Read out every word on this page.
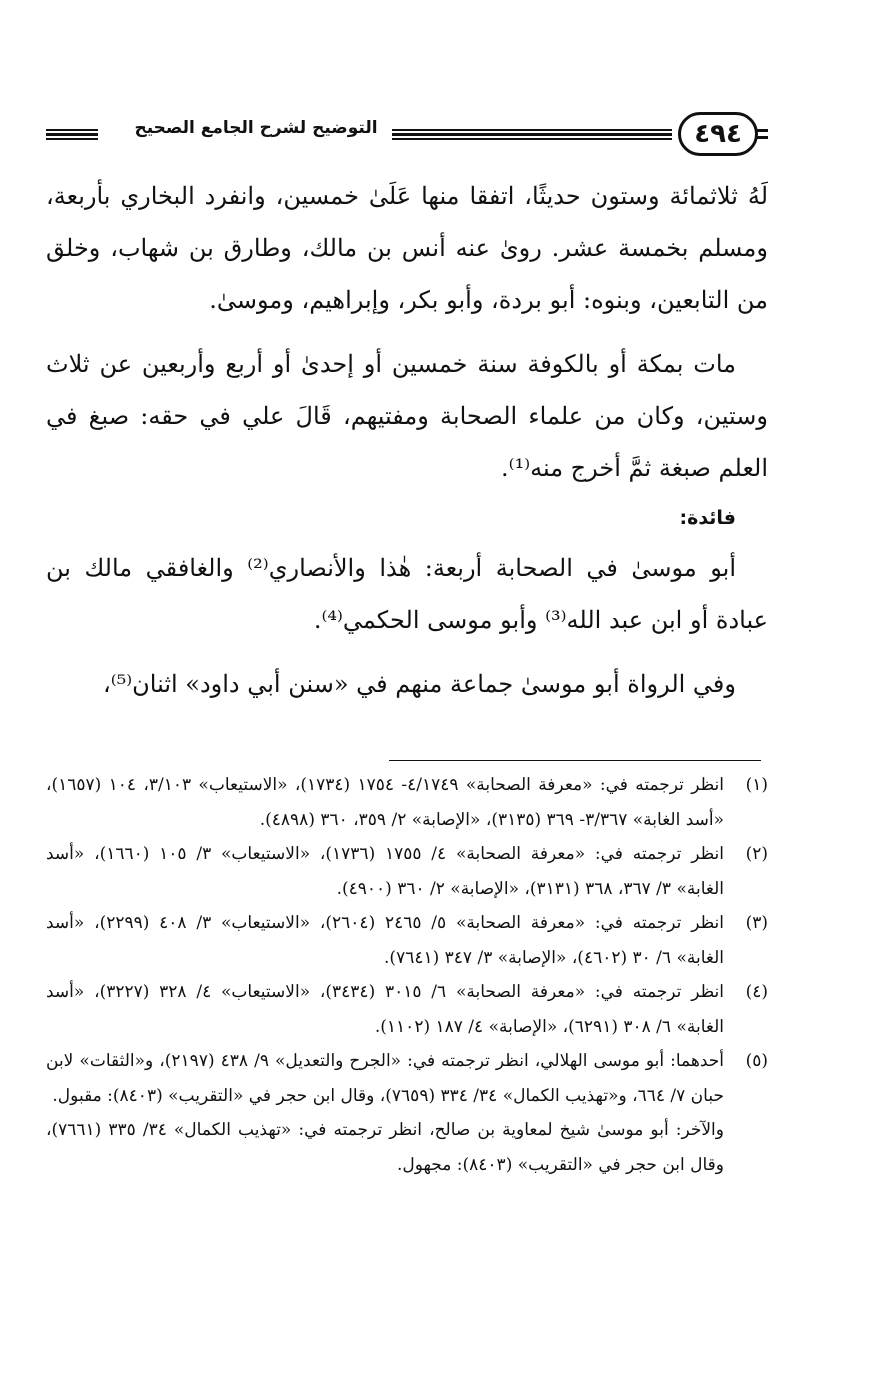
٤٩٤
التوضيح لشرح الجامع الصحيح

لَهُ ثلاثمائة وستون حديثًا، اتفقا منها عَلَىٰ خمسين، وانفرد البخاري بأربعة، ومسلم بخمسة عشر. روىٰ عنه أنس بن مالك، وطارق بن شهاب، وخلق من التابعين، وبنوه: أبو بردة، وأبو بكر، وإبراهيم، وموسىٰ.

مات بمكة أو بالكوفة سنة خمسين أو إحدىٰ أو أربع وأربعين عن ثلاث وستين، وكان من علماء الصحابة ومفتيهم، قَالَ علي في حقه: صبغ في العلم صبغة ثمَّ أخرج منه⁽¹⁾.

فائدة:

أبو موسىٰ في الصحابة أربعة: هٰذا والأنصاري⁽²⁾ والغافقي مالك بن عبادة أو ابن عبد الله⁽³⁾ وأبو موسى الحكمي⁽⁴⁾.

وفي الرواة أبو موسىٰ جماعة منهم في «سنن أبي داود» اثنان⁽⁵⁾،

(١)
انظر ترجمته في: «معرفة الصحابة» ٤/١٧٤٩- ١٧٥٤ (١٧٣٤)، «الاستيعاب» ٣/١٠٣، ١٠٤ (١٦٥٧)، «أسد الغابة» ٣/٣٦٧- ٣٦٩ (٣١٣٥)، «الإصابة» ٢/ ٣٥٩، ٣٦٠ (٤٨٩٨).
(٢)
انظر ترجمته في: «معرفة الصحابة» ٤/ ١٧٥٥ (١٧٣٦)، «الاستيعاب» ٣/ ١٠٥ (١٦٦٠)، «أسد الغابة» ٣/ ٣٦٧، ٣٦٨ (٣١٣١)، «الإصابة» ٢/ ٣٦٠ (٤٩٠٠).
(٣)
انظر ترجمته في: «معرفة الصحابة» ٥/ ٢٤٦٥ (٢٦٠٤)، «الاستيعاب» ٣/ ٤٠٨ (٢٢٩٩)، «أسد الغابة» ٦/ ٣٠ (٤٦٠٢)، «الإصابة» ٣/ ٣٤٧ (٧٦٤١).
(٤)
انظر ترجمته في: «معرفة الصحابة» ٦/ ٣٠١٥ (٣٤٣٤)، «الاستيعاب» ٤/ ٣٢٨ (٣٢٢٧)، «أسد الغابة» ٦/ ٣٠٨ (٦٢٩١)، «الإصابة» ٤/ ١٨٧ (١١٠٢).
(٥)
أحدهما: أبو موسى الهلالي، انظر ترجمته في: «الجرح والتعديل» ٩/ ٤٣٨ (٢١٩٧)، و«الثقات» لابن حبان ٧/ ٦٦٤، و«تهذيب الكمال» ٣٤/ ٣٣٤ (٧٦٥٩)، وقال ابن حجر في «التقريب» (٨٤٠٣): مقبول.
والآخر: أبو موسىٰ شيخ لمعاوية بن صالح، انظر ترجمته في: «تهذيب الكمال» ٣٤/ ٣٣٥ (٧٦٦١)، وقال ابن حجر في «التقريب» (٨٤٠٣): مجهول.
